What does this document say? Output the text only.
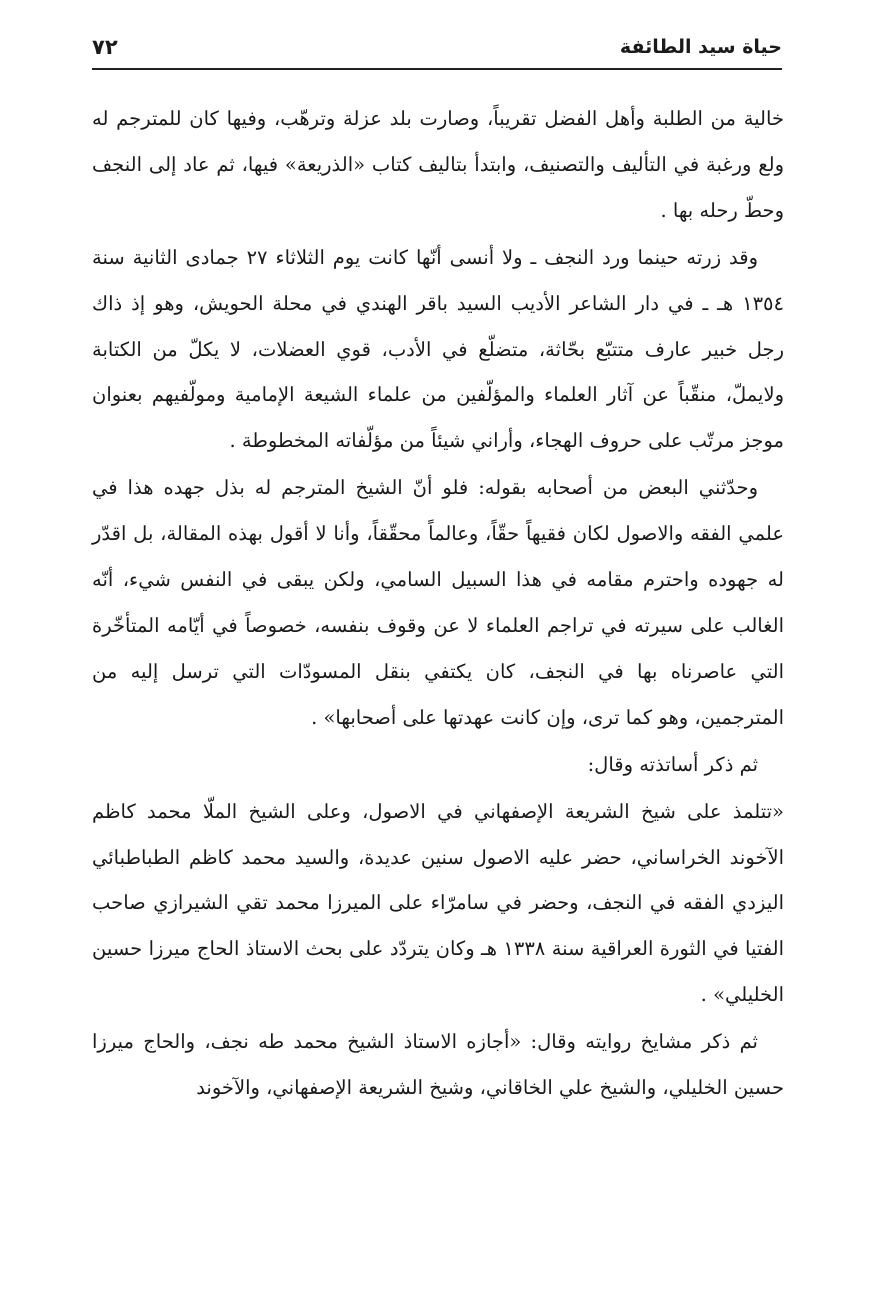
حياة سيد الطائفة
٧٢

خالية من الطلبة وأهل الفضل تقريباً، وصارت بلد عزلة وترهّب، وفيها كان للمترجم له ولع ورغبة في التأليف والتصنيف، وابتدأ بتاليف كتاب «الذريعة» فيها، ثم عاد إلى النجف وحطّ رحله بها .

وقد زرته حينما ورد النجف ـ ولا أنسى أنّها كانت يوم الثلاثاء ٢٧ جمادى الثانية سنة ١٣٥٤ هـ ـ في دار الشاعر الأديب السيد باقر الهندي في محلة الحويش، وهو إذ ذاك رجل خبير عارف متتبّع بحّاثة، متضلّع في الأدب، قوي العضلات، لا يكلّ من الكتابة ولايملّ، منقّباً عن آثار العلماء والمؤلّفين من علماء الشيعة الإمامية ومولّفيهم بعنوان موجز مرتّب على حروف الهجاء، وأراني شيئاً من مؤلّفاته المخطوطة .

وحدّثني البعض من أصحابه بقوله: فلو أنّ الشيخ المترجم له بذل جهده هذا في علمي الفقه والاصول لكان فقيهاً حقّاً، وعالماً محقّقاً، وأنا لا أقول بهذه المقالة، بل اقدّر له جهوده واحترم مقامه في هذا السبيل السامي، ولكن يبقى في النفس شيء، أنّه الغالب على سيرته في تراجم العلماء لا عن وقوف بنفسه، خصوصاً في أيّامه المتأخّرة التي عاصرناه بها في النجف، كان يكتفي بنقل المسودّات التي ترسل إليه من المترجمين، وهو كما ترى، وإن كانت عهدتها على أصحابها» .

ثم ذكر أساتذته وقال:

«تتلمذ على شيخ الشريعة الإصفهاني في الاصول، وعلى الشيخ الملّا محمد كاظم الآخوند الخراساني، حضر عليه الاصول سنين عديدة، والسيد محمد كاظم الطباطبائي اليزدي الفقه في النجف، وحضر في سامرّاء على الميرزا محمد تقي الشيرازي صاحب الفتيا في الثورة العراقية سنة ١٣٣٨ هـ وكان يتردّد على بحث الاستاذ الحاج ميرزا حسين الخليلي» .

ثم ذكر مشايخ روايته وقال: «أجازه الاستاذ الشيخ محمد طه نجف، والحاج ميرزا حسين الخليلي، والشيخ علي الخاقاني، وشيخ الشريعة الإصفهاني، والآخوند
